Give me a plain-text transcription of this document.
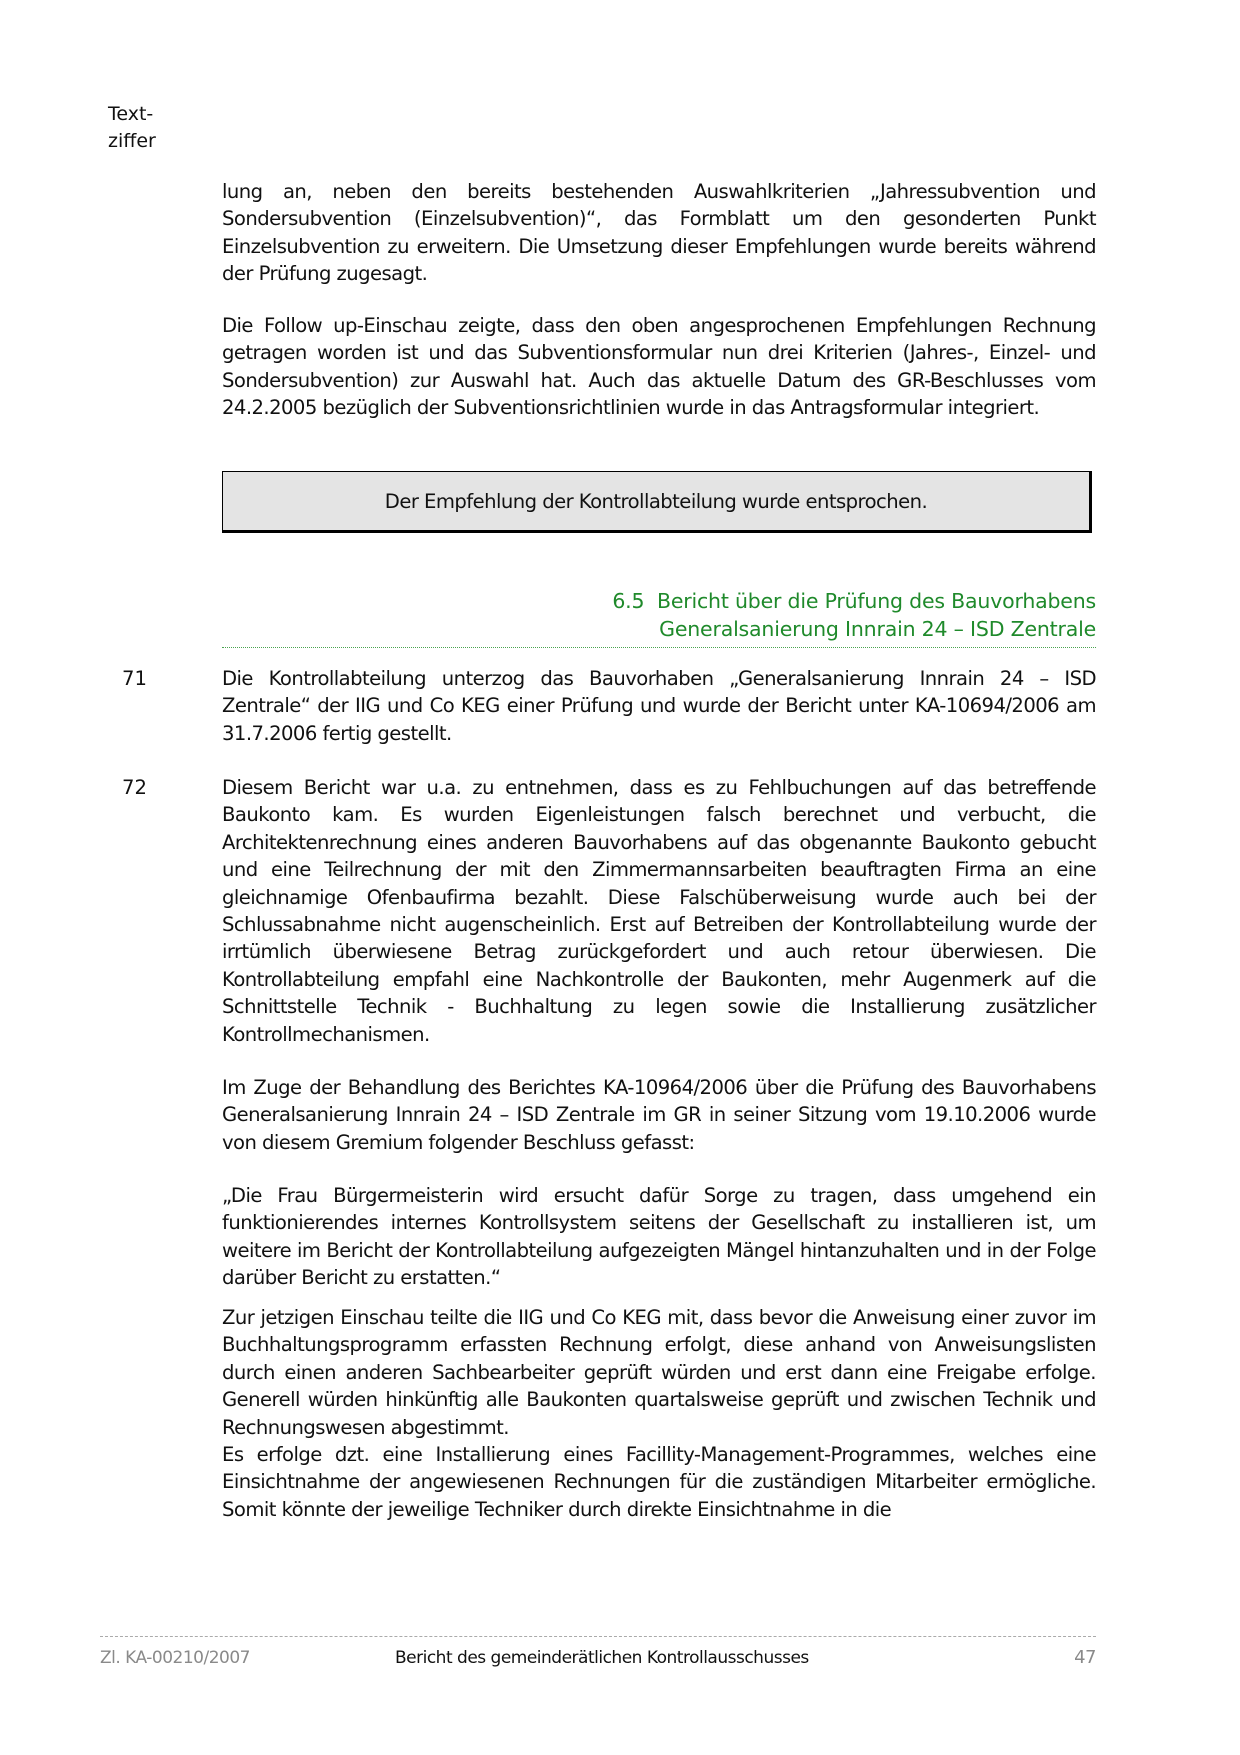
Text-
ziffer

lung an, neben den bereits bestehenden Auswahlkriterien „Jahressubvention und Sondersubvention (Einzelsubvention)“, das Formblatt um den gesonderten Punkt Einzelsubvention zu erweitern. Die Umsetzung dieser Empfehlungen wurde bereits während der Prüfung zugesagt.

Die Follow up-Einschau zeigte, dass den oben angesprochenen Empfehlungen Rechnung getragen worden ist und das Subventionsformular nun drei Kriterien (Jahres-, Einzel- und Sondersubvention) zur Auswahl hat. Auch das aktuelle Datum des GR-Beschlusses vom 24.2.2005 bezüglich der Subventionsrichtlinien wurde in das Antragsformular integriert.

Der Empfehlung der Kontrollabteilung wurde entsprochen.
6.5  Bericht über die Prüfung des Bauvorhabens
Generalsanierung Innrain 24 – ISD Zentrale
71	Die Kontrollabteilung unterzog das Bauvorhaben „Generalsanierung Innrain 24 – ISD Zentrale“ der IIG und Co KEG einer Prüfung und wurde der Bericht unter KA-10694/2006 am 31.7.2006 fertig gestellt.

72	Diesem Bericht war u.a. zu entnehmen, dass es zu Fehlbuchungen auf das betreffende Baukonto kam. Es wurden Eigenleistungen falsch berechnet und verbucht, die Architektenrechnung eines anderen Bauvorhabens auf das obgenannte Baukonto gebucht und eine Teilrechnung der mit den Zimmermannsarbeiten beauftragten Firma an eine gleichnamige Ofenbaufirma bezahlt. Diese Falschüberweisung wurde auch bei der Schlussabnahme nicht augenscheinlich. Erst auf Betreiben der Kontrollabteilung wurde der irrtümlich überwiesene Betrag zurückgefordert und auch retour überwiesen. Die Kontrollabteilung empfahl eine Nachkontrolle der Baukonten, mehr Augenmerk auf die Schnittstelle Technik - Buchhaltung zu legen sowie die Installierung zusätzlicher Kontrollmechanismen.

Im Zuge der Behandlung des Berichtes KA-10964/2006 über die Prüfung des Bauvorhabens Generalsanierung Innrain 24 – ISD Zentrale im GR in seiner Sitzung vom 19.10.2006 wurde von diesem Gremium folgender Beschluss gefasst:

„Die Frau Bürgermeisterin wird ersucht dafür Sorge zu tragen, dass umgehend ein funktionierendes internes Kontrollsystem seitens der Gesellschaft zu installieren ist, um weitere im Bericht der Kontrollabteilung aufgezeigten Mängel hintanzuhalten und in der Folge darüber Bericht zu erstatten.“

Zur jetzigen Einschau teilte die IIG und Co KEG mit, dass bevor die Anweisung einer zuvor im Buchhaltungsprogramm erfassten Rechnung erfolgt, diese anhand von Anweisungslisten durch einen anderen Sachbearbeiter geprüft würden und erst dann eine Freigabe erfolge. Generell würden hinkünftig alle Baukonten quartalsweise geprüft und zwischen Technik und Rechnungswesen abgestimmt.

Es erfolge dzt. eine Installierung eines Facillity-Management-Programmes, welches eine Einsichtnahme der angewiesenen Rechnungen für die zuständigen Mitarbeiter ermögliche. Somit könnte der jeweilige Techniker durch direkte Einsichtnahme in die

Zl. KA-00210/2007	Bericht des gemeinderätlichen Kontrollausschusses	47
